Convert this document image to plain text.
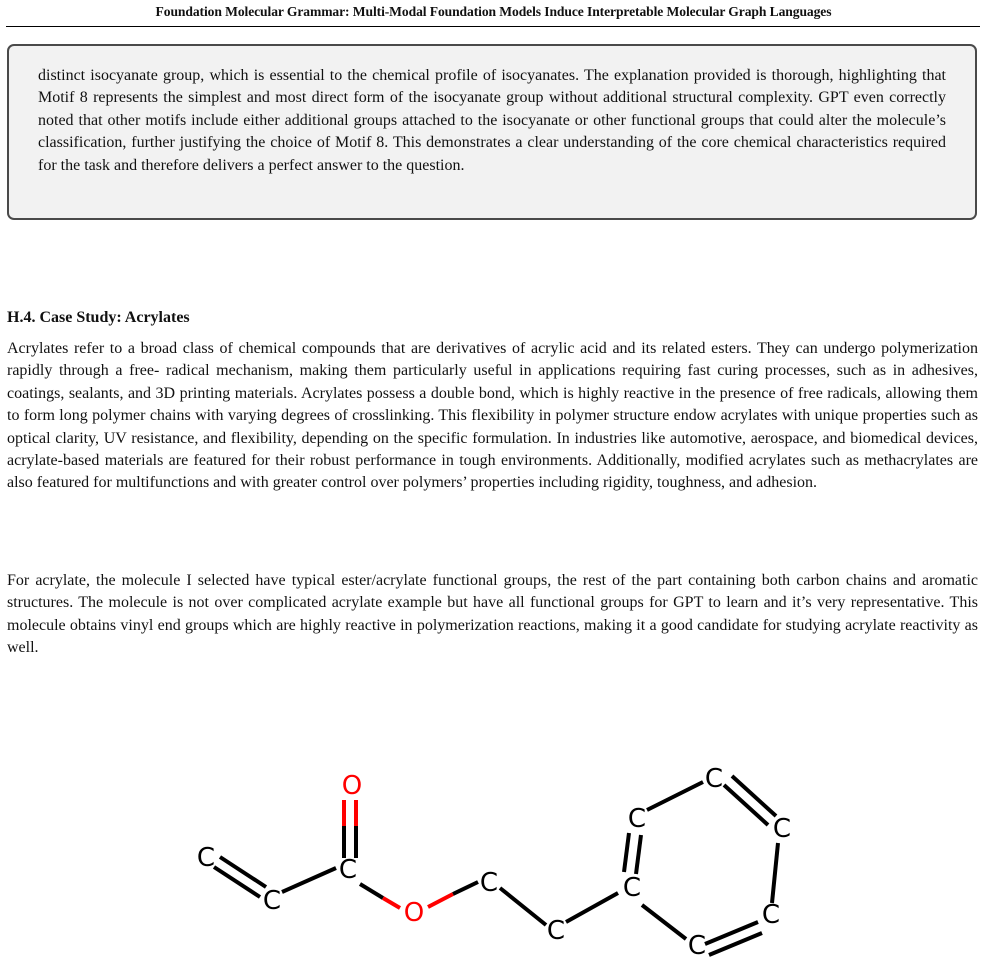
Foundation Molecular Grammar: Multi-Modal Foundation Models Induce Interpretable Molecular Graph Languages

distinct isocyanate group, which is essential to the chemical profile of isocyanates. The explanation provided is thorough, highlighting that Motif 8 represents the simplest and most direct form of the isocyanate group without additional structural complexity. GPT even correctly noted that other motifs include either additional groups attached to the isocyanate or other functional groups that could alter the molecule’s classification, further justifying the choice of Motif 8. This demonstrates a clear understanding of the core chemical characteristics required for the task and therefore delivers a perfect answer to the question.

H.4. Case Study: Acrylates

Acrylates refer to a broad class of chemical compounds that are derivatives of acrylic acid and its related esters. They can undergo polymerization rapidly through a free- radical mechanism, making them particularly useful in applications requiring fast curing processes, such as in adhesives, coatings, sealants, and 3D printing materials. Acrylates possess a double bond, which is highly reactive in the presence of free radicals, allowing them to form long polymer chains with varying degrees of crosslinking. This flexibility in polymer structure endow acrylates with unique properties such as optical clarity, UV resistance, and flexibility, depending on the specific formulation. In industries like automotive, aerospace, and biomedical devices, acrylate-based materials are featured for their robust performance in tough environments. Additionally, modified acrylates such as methacrylates are also featured for multifunctions and with greater control over polymers’ properties including rigidity, toughness, and adhesion.

For acrylate, the molecule I selected have typical ester/acrylate functional groups, the rest of the part containing both carbon chains and aromatic structures. The molecule is not over complicated acrylate example but have all functional groups for GPT to learn and it’s very representative. This molecule obtains vinyl end groups which are highly reactive in polymerization reactions, making it a good candidate for studying acrylate reactivity as well.

C
C
C
O
O
C
C
C
C
C
C
C
C
